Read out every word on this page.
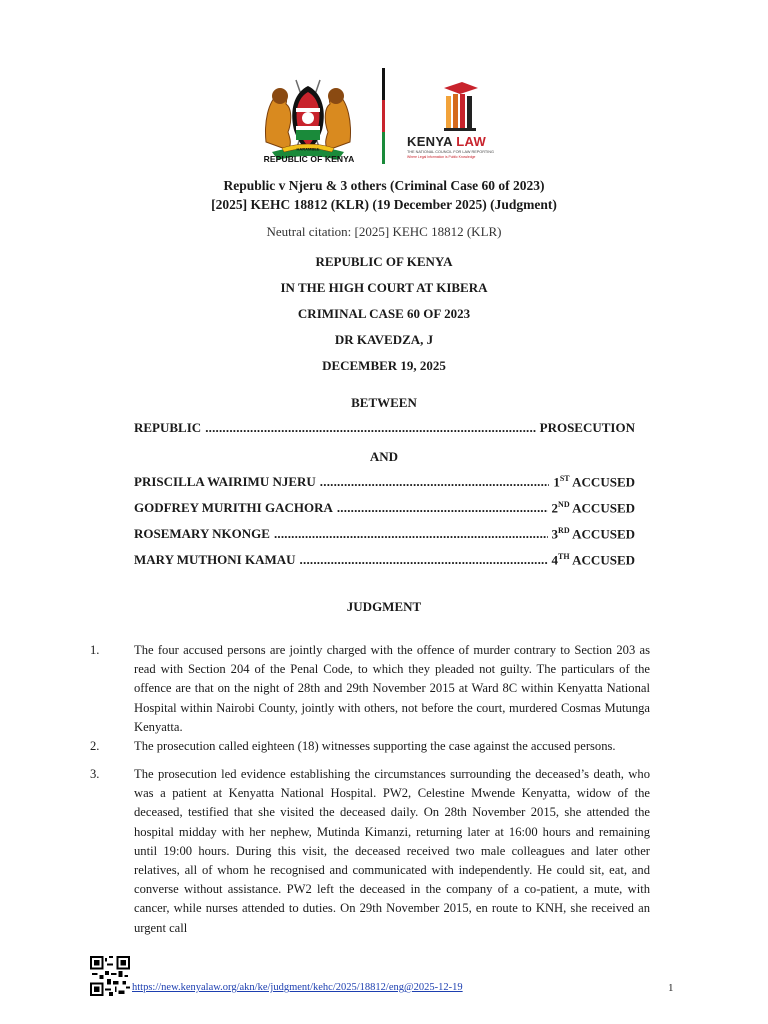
HARAMBEE
REPUBLIC OF KENYA
KENYA LAW
THE NATIONAL COUNCIL FOR LAW REPORTING
Where Legal Information is Public Knowledge
Republic v Njeru & 3 others (Criminal Case 60 of 2023)
[2025] KEHC 18812 (KLR) (19 December 2025) (Judgment)
Neutral citation: [2025] KEHC 18812 (KLR)
REPUBLIC OF KENYA
IN THE HIGH COURT AT KIBERA
CRIMINAL CASE 60 OF 2023
DR KAVEDZA, J
DECEMBER 19, 2025
BETWEEN
REPUBLIC .....	PROSECUTION
AND
PRISCILLA WAIRIMU NJERU .....	1ST ACCUSED
GODFREY MURITHI GACHORA .....	2ND ACCUSED
ROSEMARY NKONGE .....	3RD ACCUSED
MARY MUTHONI KAMAU .....	4TH ACCUSED
JUDGMENT
1.	The four accused persons are jointly charged with the offence of murder contrary to Section 203 as read with Section 204 of the Penal Code, to which they pleaded not guilty. The particulars of the offence are that on the night of 28th and 29th November 2015 at Ward 8C within Kenyatta National Hospital within Nairobi County, jointly with others, not before the court, murdered Cosmas Mutunga Kenyatta.
2.	The prosecution called eighteen (18) witnesses supporting the case against the accused persons.
3.	The prosecution led evidence establishing the circumstances surrounding the deceased’s death, who was a patient at Kenyatta National Hospital. PW2, Celestine Mwende Kenyatta, widow of the deceased, testified that she visited the deceased daily. On 28th November 2015, she attended the hospital midday with her nephew, Mutinda Kimanzi, returning later at 16:00 hours and remaining until 19:00 hours. During this visit, the deceased received two male colleagues and later other relatives, all of whom he recognised and communicated with independently. He could sit, eat, and converse without assistance. PW2 left the deceased in the company of a co-patient, a mute, with cancer, while nurses attended to duties. On 29th November 2015, en route to KNH, she received an urgent call
https://new.kenyalaw.org/akn/ke/judgment/kehc/2025/18812/eng@2025-12-19	1
